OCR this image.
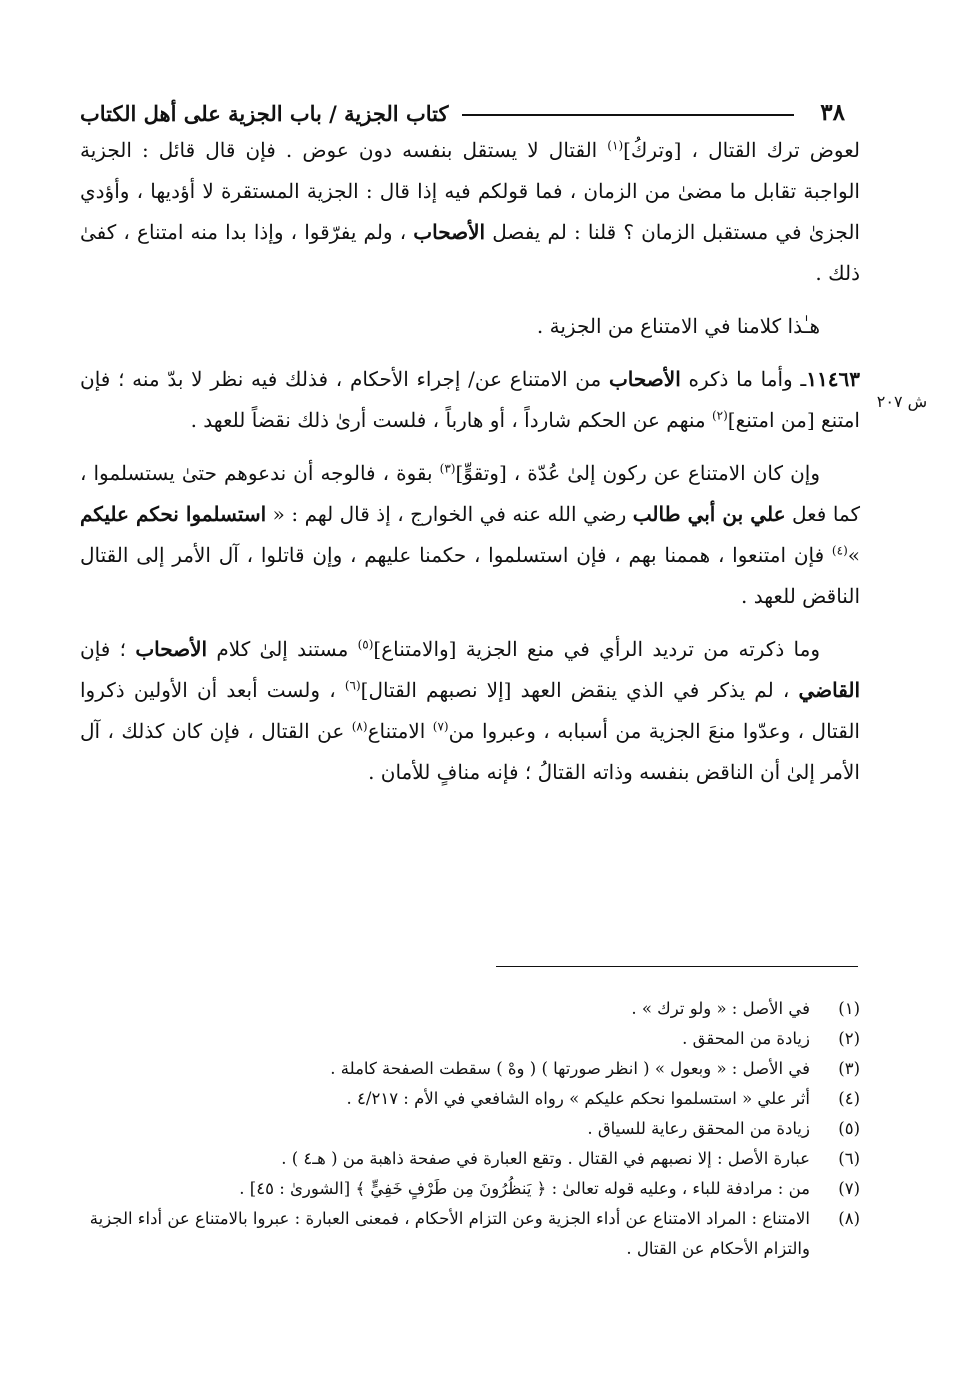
٣٨
كتاب الجزية / باب الجزية على أهل الكتاب
ش ٢٠٧

لعوض ترك القتال ، [وتركُ]$^{(١)}$ القتال لا يستقل بنفسه دون عوض . فإن قال قائل : الجزية الواجبة تقابل ما مضىٰ من الزمان ، فما قولكم فيه إذا قال : الجزية المستقرة لا أؤديها ، وأؤدي الجزىٰ في مستقبل الزمان ؟ قلنا : لم يفصل الأصحاب ، ولم يفرّقوا ، وإذا بدا منه امتناع ، كفىٰ ذلك .

هـٰذا كلامنا في الامتناع من الجزية .

١١٤٦٣ـ وأما ما ذكره الأصحاب من الامتناع عن/ إجراء الأحكام ، فذلك فيه نظر لا بدّ منه ؛ فإن امتنع [من امتنع]$^{(٢)}$ منهم عن الحكم شارداً ، أو هارباً ، فلست أرىٰ ذلك نقضاً للعهد .

وإن كان الامتناع عن ركون إلىٰ عُدّة ، [وتقوٍّ]$^{(٣)}$ بقوة ، فالوجه أن ندعوهم حتىٰ يستسلموا ، كما فعل علي بن أبي طالب رضي الله عنه في الخوارج ، إذ قال لهم : « استسلموا نحكم عليكم »$^{(٤)}$ فإن امتنعوا ، هممنا بهم ، فإن استسلموا ، حكمنا عليهم ، وإن قاتلوا ، آل الأمر إلى القتال الناقض للعهد .

وما ذكرته من ترديد الرأي في منع الجزية [والامتناع]$^{(٥)}$ مستند إلىٰ كلام الأصحاب ؛ فإن القاضي ، لم يذكر في الذي ينقض العهد [إلا نصبهم القتال]$^{(٦)}$ ، ولست أبعد أن الأولين ذكروا القتال ، وعدّوا منعَ الجزية من أسبابه ، وعبروا من$^{(٧)}$ الامتناع$^{(٨)}$ عن القتال ، فإن كان كذلك ، آل الأمر إلىٰ أن الناقض بنفسه وذاته القتالُ ؛ فإنه منافٍ للأمان .

(١)
في الأصل : « ولو ترك » .

(٢)
زيادة من المحقق .

(٣)
في الأصل : « وبعول » ( انظر صورتها ) ( وهْ ) سقطت الصفحة كاملة .

(٤)
أثر علي « استسلموا نحكم عليكم » رواه الشافعي في الأم : ٤/٢١٧ .

(٥)
زيادة من المحقق رعاية للسياق .

(٦)
عبارة الأصل : إلا نصبهم في القتال . وتقع العبارة في صفحة ذاهبة من ( هـ٤ ) .

(٧)
من : مرادفة للباء ، وعليه قوله تعالىٰ : ﴿ يَنظُرُونَ مِن طَرْفٍ خَفِيٍّ ﴾ [الشورىٰ : ٤٥] .

(٨)
الامتناع : المراد الامتناع عن أداء الجزية وعن التزام الأحكام ، فمعنى العبارة : عبروا بالامتناع عن أداء الجزية والتزام الأحكام عن القتال .
